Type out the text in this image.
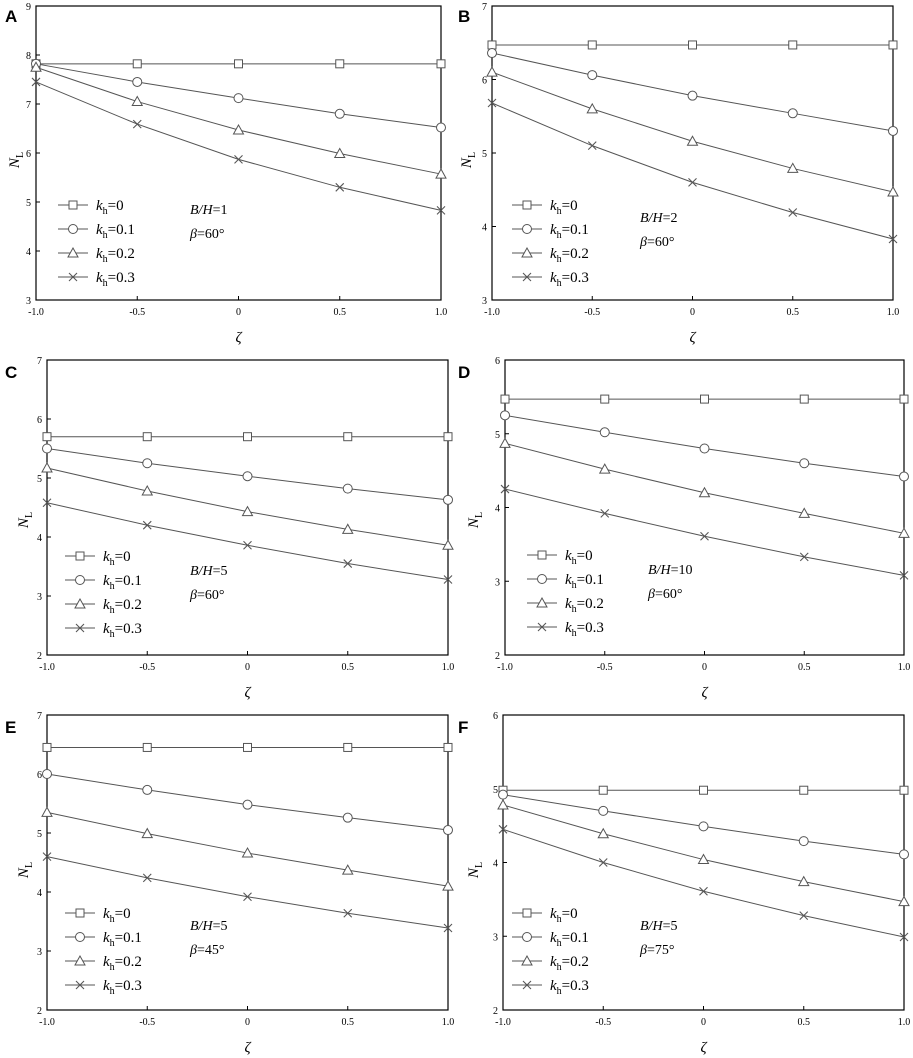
A
3
4
5
6
7
8
9
-1.0	-0.5	0	0.5	1.0
ζ
$N_L$
$k_h=0$
$k_h=0.1$
$k_h=0.2$
$k_h=0.3$
B/H=1
β=60°
B
3
4
5
6
7
-1.0	-0.5	0	0.5	1.0
ζ
$N_L$
$k_h=0$
$k_h=0.1$
$k_h=0.2$
$k_h=0.3$
B/H=2
β=60°
C
2
3
4
5
6
7
-1.0	-0.5	0	0.5	1.0
ζ
$N_L$
$k_h=0$
$k_h=0.1$
$k_h=0.2$
$k_h=0.3$
B/H=5
β=60°
D
2
3
4
5
6
-1.0	-0.5	0	0.5	1.0
ζ
$N_L$
$k_h=0$
$k_h=0.1$
$k_h=0.2$
$k_h=0.3$
B/H=10
β=60°
E
2
3
4
5
6
7
-1.0	-0.5	0	0.5	1.0
ζ
$N_L$
$k_h=0$
$k_h=0.1$
$k_h=0.2$
$k_h=0.3$
B/H=5
β=45°
F
2
3
4
5
6
-1.0	-0.5	0	0.5	1.0
ζ
$N_L$
$k_h=0$
$k_h=0.1$
$k_h=0.2$
$k_h=0.3$
B/H=5
β=75°
